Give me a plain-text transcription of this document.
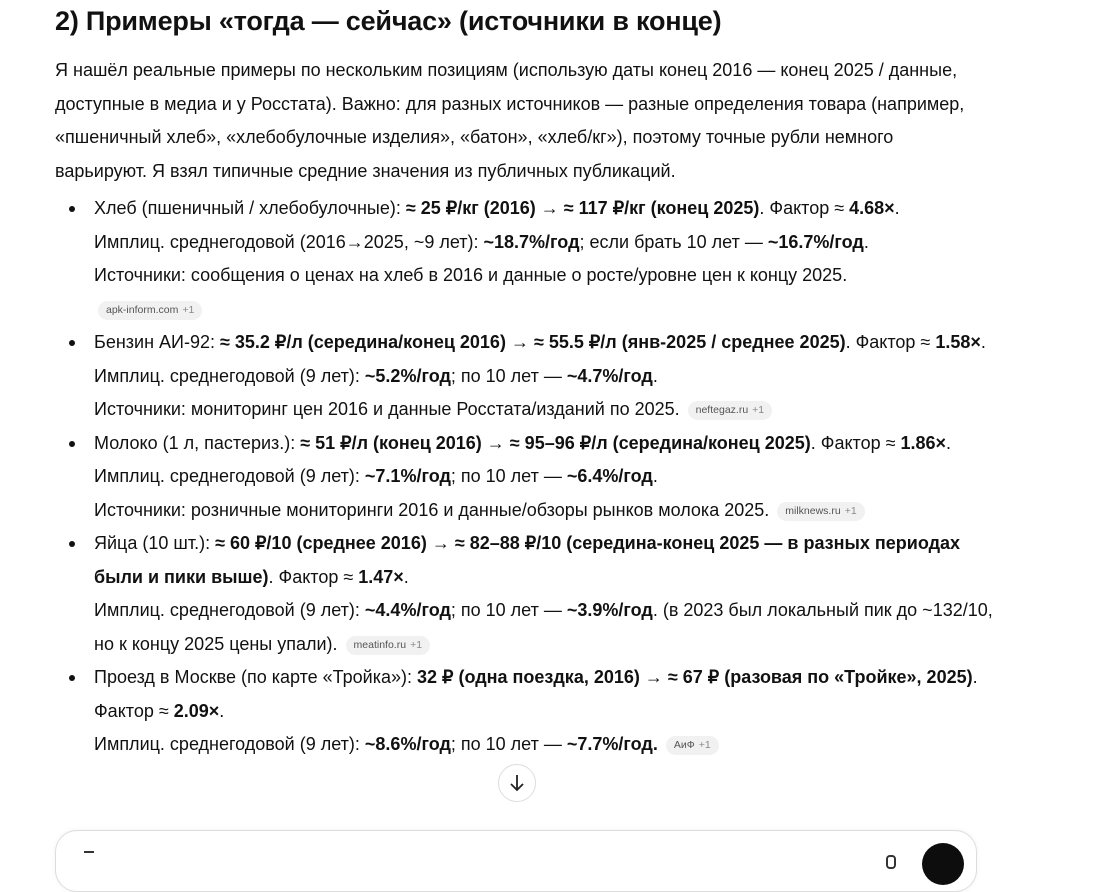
2) Примеры «тогда — сейчас» (источники в конце)

Я нашёл реальные примеры по нескольким позициям (использую даты конец 2016 — конец 2025 / данные, доступные в медиа и у Росстата). Важно: для разных источников — разные определения товара (например, «пшеничный хлеб», «хлебобулочные изделия», «батон», «хлеб/кг»), поэтому точные рубли немного варьируют. Я взял типичные средние значения из публичных публикаций.

Хлеб (пшеничный / хлебобулочные): ≈ 25 ₽/кг (2016) → ≈ 117 ₽/кг (конец 2025). Фактор ≈ 4.68×.
Имплиц. среднегодовой (2016→2025, ~9 лет): ~18.7%/год; если брать 10 лет — ~16.7%/год.
Источники: сообщения о ценах на хлеб в 2016 и данные о росте/уровне цен к концу 2025.
apk-inform.com +1
Бензин АИ-92: ≈ 35.2 ₽/л (середина/конец 2016) → ≈ 55.5 ₽/л (янв-2025 / среднее 2025). Фактор ≈ 1.58×.
Имплиц. среднегодовой (9 лет): ~5.2%/год; по 10 лет — ~4.7%/год.
Источники: мониторинг цен 2016 и данные Росстата/изданий по 2025. neftegaz.ru +1
Молоко (1 л, пастериз.): ≈ 51 ₽/л (конец 2016) → ≈ 95–96 ₽/л (середина/конец 2025). Фактор ≈ 1.86×.
Имплиц. среднегодовой (9 лет): ~7.1%/год; по 10 лет — ~6.4%/год.
Источники: розничные мониторинги 2016 и данные/обзоры рынков молока 2025. milknews.ru +1
Яйца (10 шт.): ≈ 60 ₽/10 (среднее 2016) → ≈ 82–88 ₽/10 (середина-конец 2025 — в разных периодах были и пики выше). Фактор ≈ 1.47×.
Имплиц. среднегодовой (9 лет): ~4.4%/год; по 10 лет — ~3.9%/год. (в 2023 был локальный пик до ~132/10, но к концу 2025 цены упали). meatinfo.ru +1
Проезд в Москве (по карте «Тройка»): 32 ₽ (одна поездка, 2016) → ≈ 67 ₽ (разовая по «Тройке», 2025). Фактор ≈ 2.09×.
Имплиц. среднегодовой (9 лет): ~8.6%/год; по 10 лет — ~7.7%/год. АиФ +1
